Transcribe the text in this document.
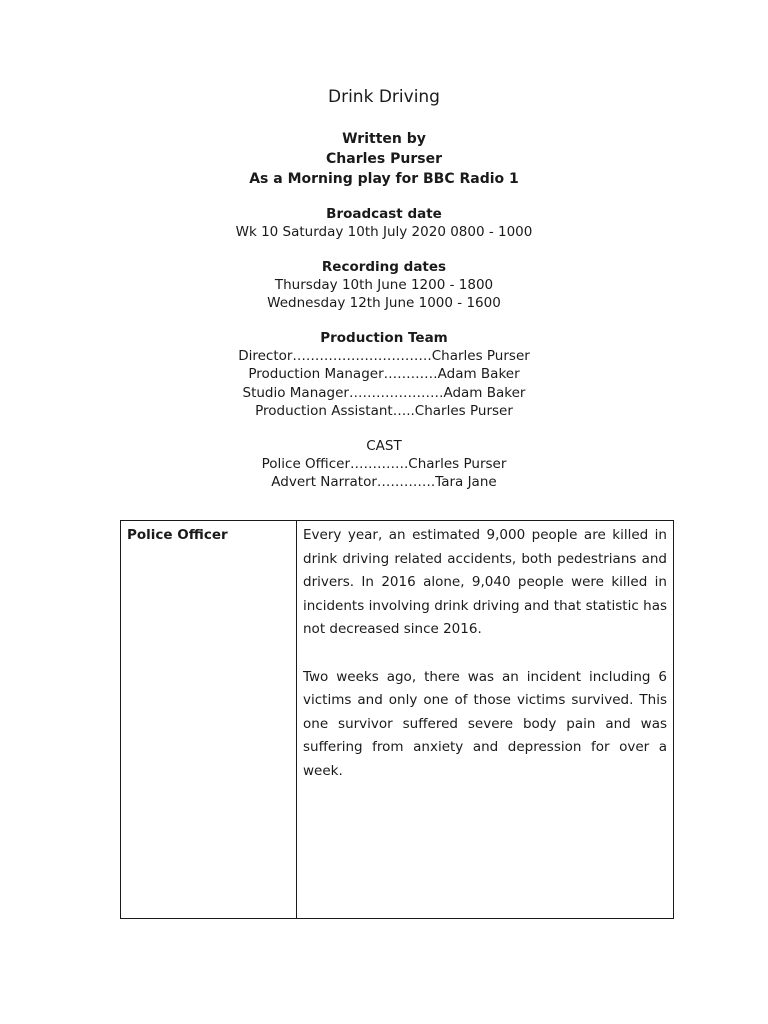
Drink Driving
Written by
Charles Purser
As a Morning play for BBC Radio 1
Broadcast date
Wk 10 Saturday 10th July 2020 0800 - 1000
Recording dates
Thursday 10th June 1200 - 1800
Wednesday 12th June 1000 - 1600
Production Team
Director………………………….Charles Purser
Production Manager…………Adam Baker
Studio Manager…………………Adam Baker
Production Assistant…..Charles Purser
CAST
Police Officer………….Charles Purser
Advert Narrator………….Tara Jane
Police Officer	Every year, an estimated 9,000 people are killed in drink driving related accidents, both pedestrians and drivers. In 2016 alone, 9,040 people were killed in incidents involving drink driving and that statistic has not decreased since 2016.
Two weeks ago, there was an incident including 6 victims and only one of those victims survived. This one survivor suffered severe body pain and was suffering from anxiety and depression for over a week.
